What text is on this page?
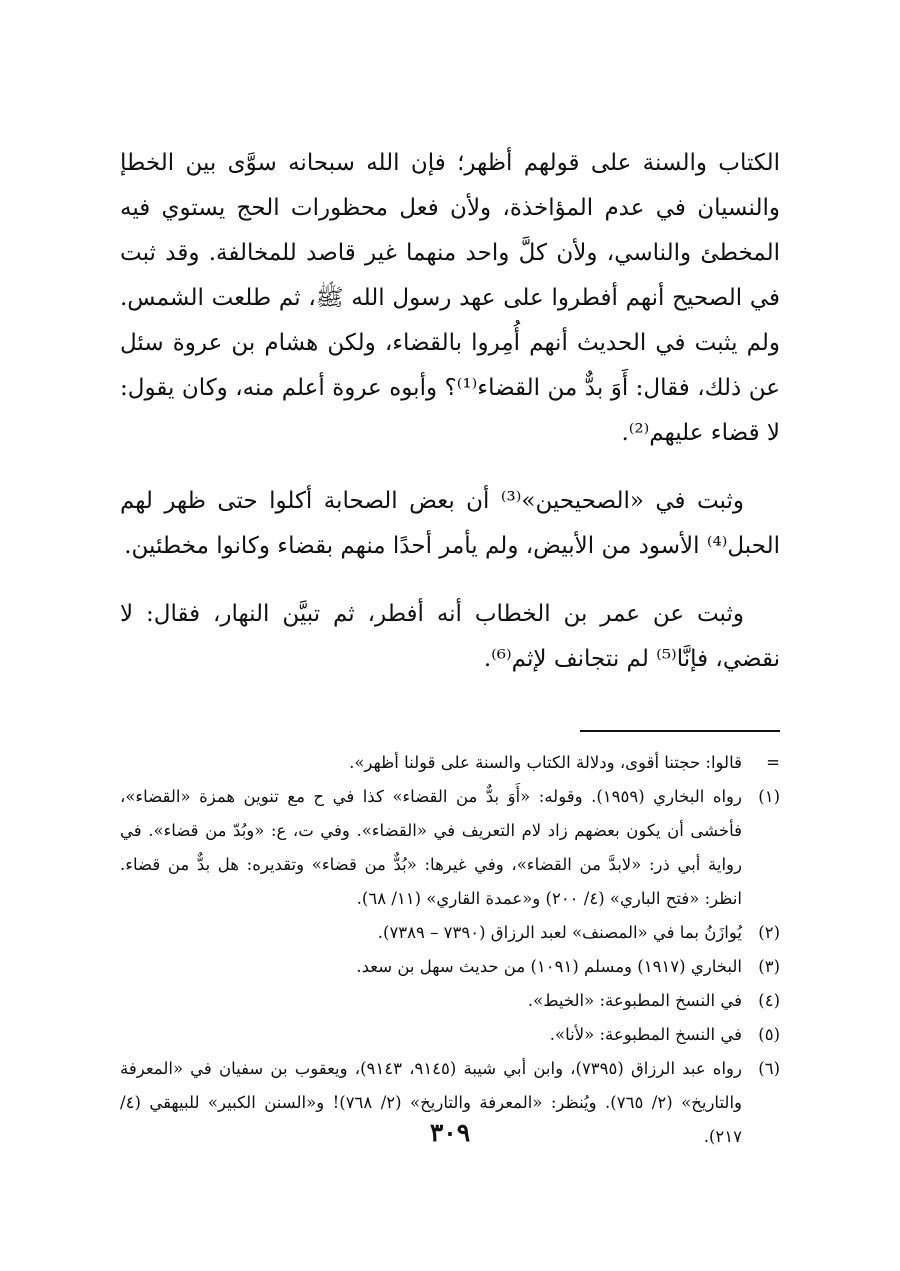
الكتاب والسنة على قولهم أظهر؛ فإن الله سبحانه سوَّى بين الخطإ والنسيان في عدم المؤاخذة، ولأن فعل محظورات الحج يستوي فيه المخطئ والناسي، ولأن كلَّ واحد منهما غير قاصد للمخالفة. وقد ثبت في الصحيح أنهم أفطروا على عهد رسول الله ﷺ، ثم طلعت الشمس. ولم يثبت في الحديث أنهم أُمِروا بالقضاء، ولكن هشام بن عروة سئل عن ذلك، فقال: أَوَ بدٌّ من القضاء⁽¹⁾؟ وأبوه عروة أعلم منه، وكان يقول: لا قضاء عليهم⁽²⁾.

وثبت في «الصحيحين»⁽³⁾ أن بعض الصحابة أكلوا حتى ظهر لهم الحبل⁽⁴⁾ الأسود من الأبيض، ولم يأمر أحدًا منهم بقضاء وكانوا مخطئين.

وثبت عن عمر بن الخطاب أنه أفطر، ثم تبيَّن النهار، فقال: لا نقضي، فإنَّا⁽⁵⁾ لم نتجانف لإثم⁽⁶⁾.

=
قالوا: حجتنا أقوى، ودلالة الكتاب والسنة على قولنا أظهر».
(١)
رواه البخاري (١٩٥٩). وقوله: «أَوَ بدٌّ من القضاء» كذا في ح مع تنوين همزة «القضاء»، فأخشى أن يكون بعضهم زاد لام التعريف في «القضاء». وفي ت، ع: «وبُدّ من قضاء». في رواية أبي ذر: «لابدَّ من القضاء»، وفي غيرها: «بُدٌّ من قضاء» وتقديره: هل بدٌّ من قضاء. انظر: «فتح الباري» (٤/ ٢٠٠) و«عمدة القاري» (١١/ ٦٨).
(٢)
يُوازَنُ بما في «المصنف» لعبد الرزاق (٧٣٩٠ – ٧٣٨٩).
(٣)
البخاري (١٩١٧) ومسلم (١٠٩١) من حديث سهل بن سعد.
(٤)
في النسخ المطبوعة: «الخيط».
(٥)
في النسخ المطبوعة: «لأنا».
(٦)
رواه عبد الرزاق (٧٣٩٥)، وابن أبي شيبة (٩١٤٥، ٩١٤٣)، ويعقوب بن سفيان في «المعرفة والتاريخ» (٢/ ٧٦٥). ويُنظر: «المعرفة والتاريخ» (٢/ ٧٦٨)! و«السنن الكبير» للبيهقي (٤/ ٢١٧).
٣٠٩
